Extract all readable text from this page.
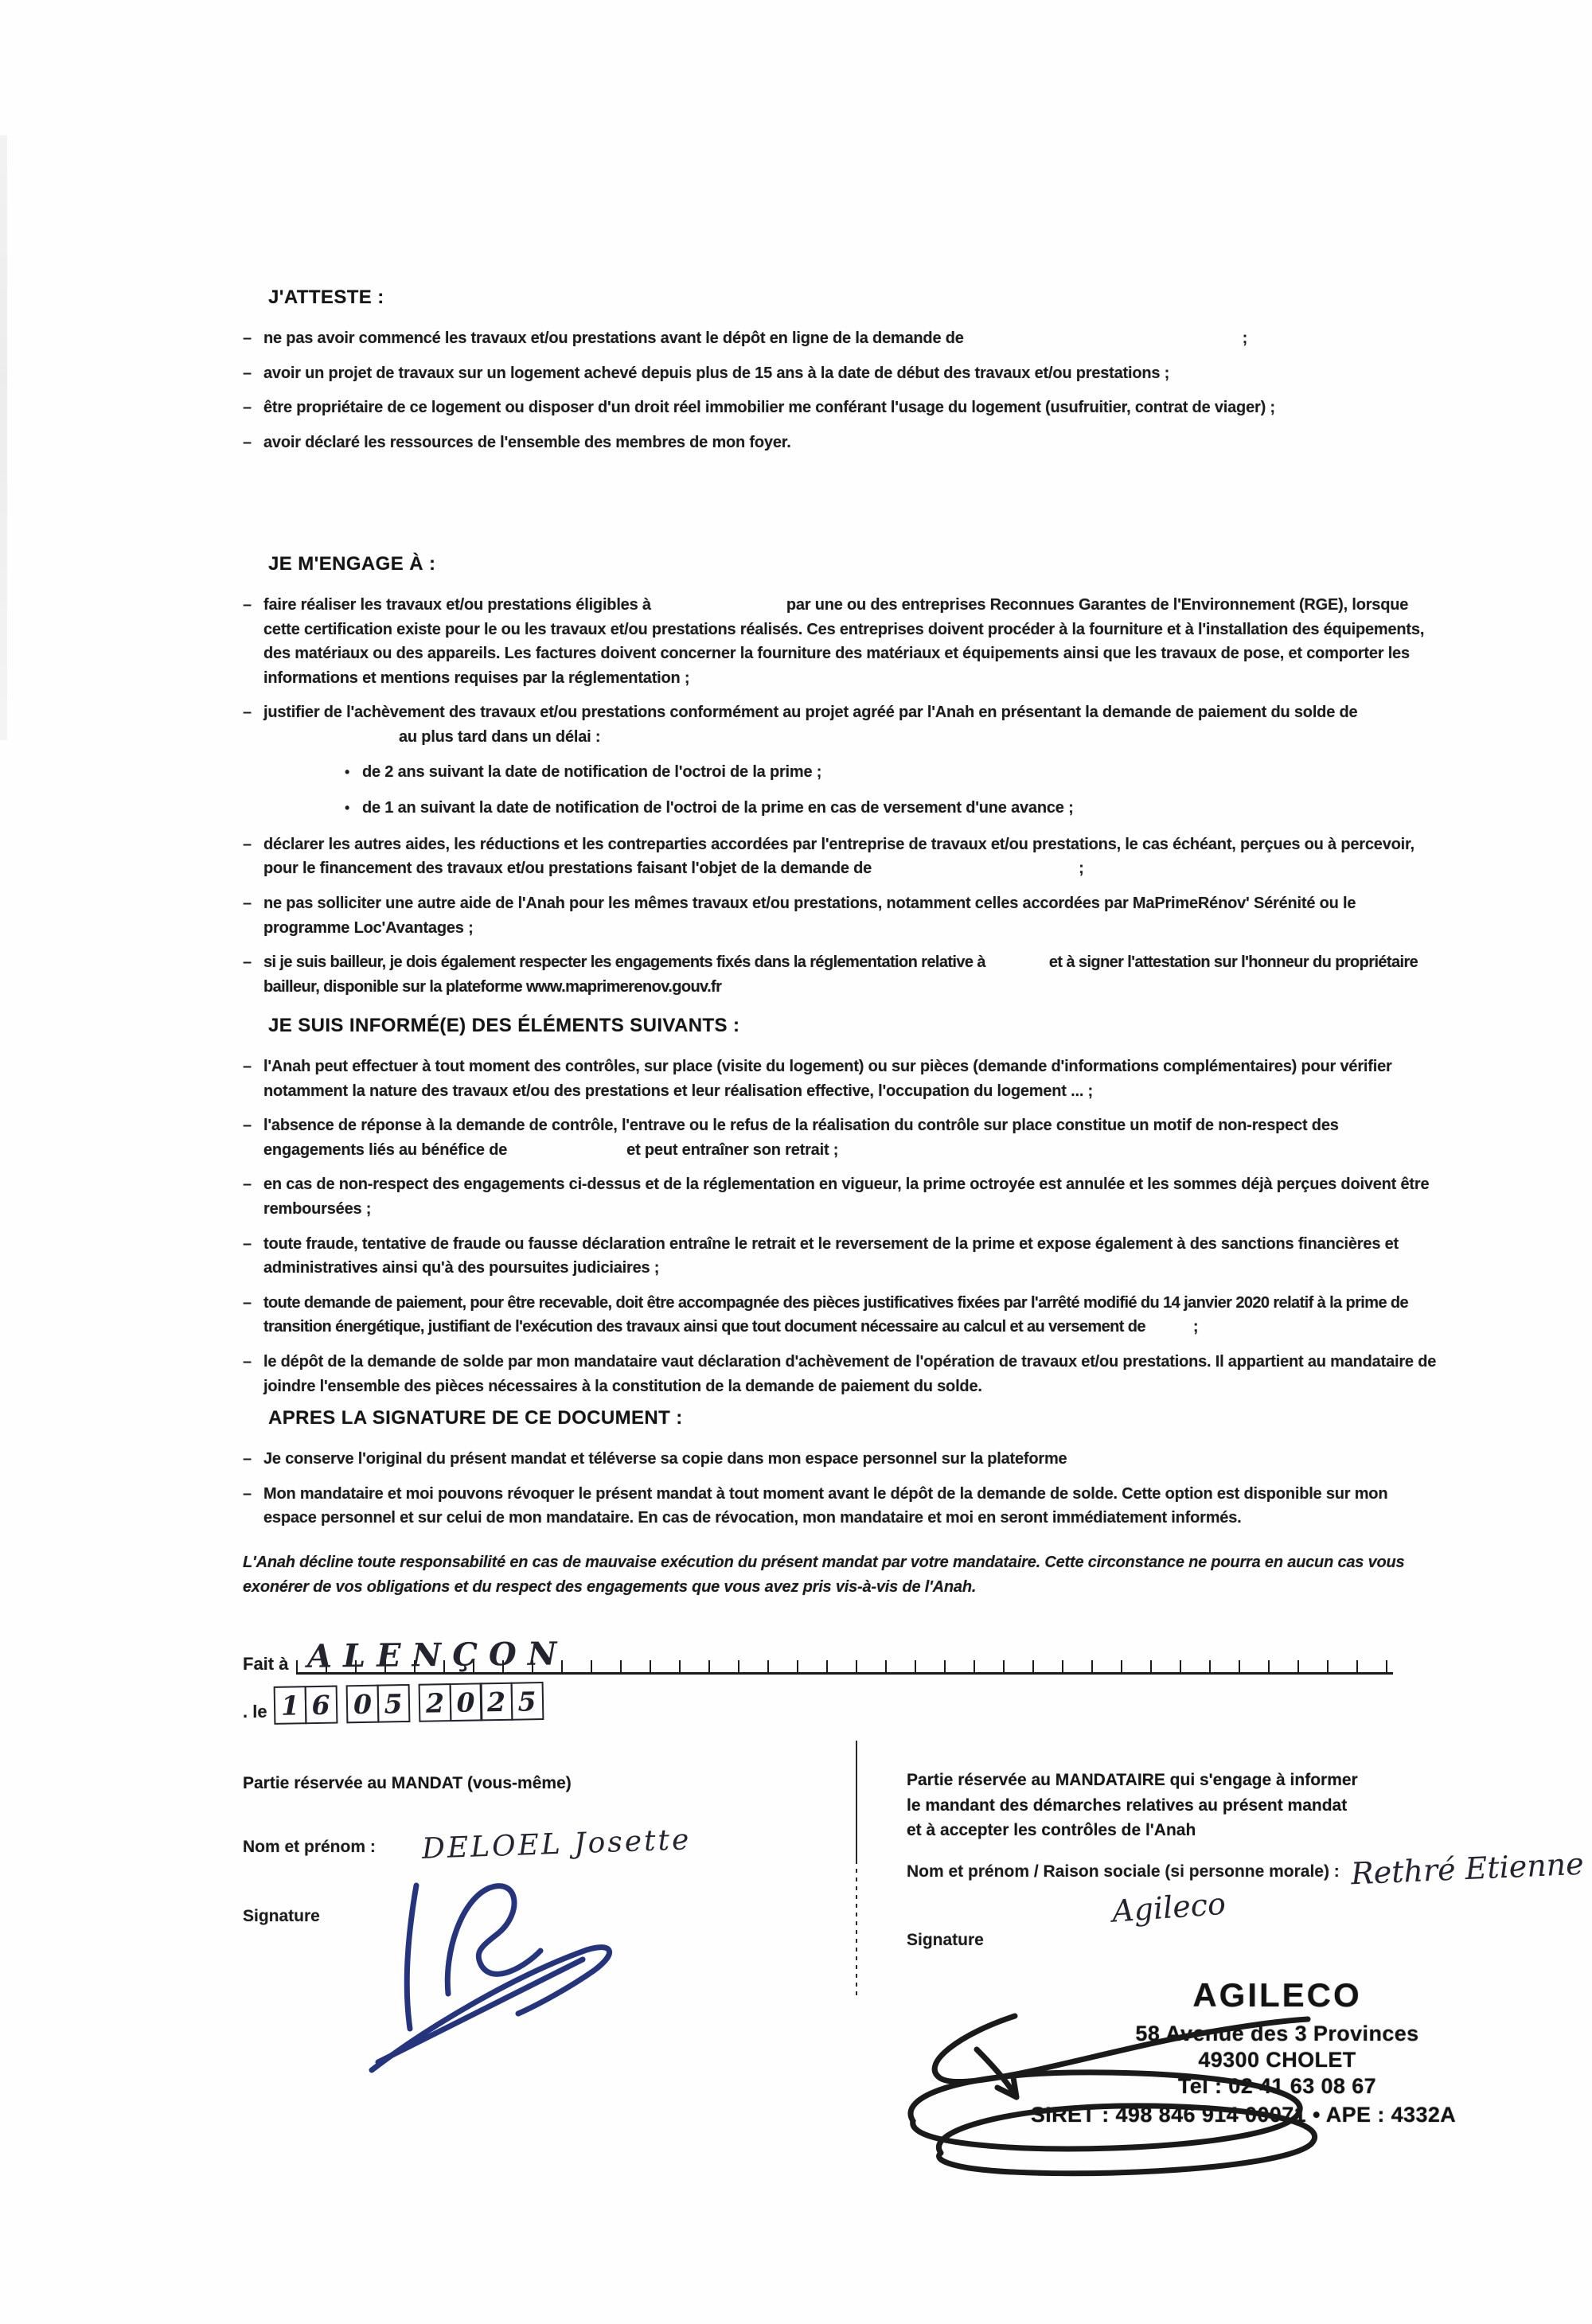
J'ATTESTE :
– ne pas avoir commencé les travaux et/ou prestations avant le dépôt en ligne de la demande de	;

– avoir un projet de travaux sur un logement achevé depuis plus de 15 ans à la date de début des travaux et/ou prestations ;

– être propriétaire de ce logement ou disposer d'un droit réel immobilier me conférant l'usage du logement (usufruitier, contrat de viager) ;

– avoir déclaré les ressources de l'ensemble des membres de mon foyer.

JE M'ENGAGE À :
– faire réaliser les travaux et/ou prestations éligibles à	par une ou des entreprises Reconnues Garantes de l'Environnement (RGE), lorsque cette certification existe pour le ou les travaux et/ou prestations réalisés. Ces entreprises doivent procéder à la fourniture et à l'installation des équipements, des matériaux ou des appareils. Les factures doivent concerner la fourniture des matériaux et équipements ainsi que les travaux de pose, et comporter les informations et mentions requises par la réglementation ;

– justifier de l'achèvement des travaux et/ou prestations conformément au projet agréé par l'Anah en présentant la demande de paiement du solde deau plus tard dans un délai :

• de 2 ans suivant la date de notification de l'octroi de la prime ;

• de 1 an suivant la date de notification de l'octroi de la prime en cas de versement d'une avance ;

– déclarer les autres aides, les réductions et les contreparties accordées par l'entreprise de travaux et/ou prestations, le cas échéant, perçues ou à percevoir, pour le financement des travaux et/ou prestations faisant l'objet de la demande de	;

– ne pas solliciter une autre aide de l'Anah pour les mêmes travaux et/ou prestations, notamment celles accordées par MaPrimeRénov' Sérénité ou le programme Loc'Avantages ;

– si je suis bailleur, je dois également respecter les engagements fixés dans la réglementation relative à	et à signer l'attestation sur l'honneur du propriétaire bailleur, disponible sur la plateforme www.maprimerenov.gouv.fr

JE SUIS INFORMÉ(E) DES ÉLÉMENTS SUIVANTS :
– l'Anah peut effectuer à tout moment des contrôles, sur place (visite du logement) ou sur pièces (demande d'informations complémentaires) pour vérifier notamment la nature des travaux et/ou des prestations et leur réalisation effective, l'occupation du logement ... ;

– l'absence de réponse à la demande de contrôle, l'entrave ou le refus de la réalisation du contrôle sur place constitue un motif de non-respect des engagements liés au bénéfice de	et peut entraîner son retrait ;

– en cas de non-respect des engagements ci-dessus et de la réglementation en vigueur, la prime octroyée est annulée et les sommes déjà perçues doivent être remboursées ;

– toute fraude, tentative de fraude ou fausse déclaration entraîne le retrait et le reversement de la prime et expose également à des sanctions financières et administratives ainsi qu'à des poursuites judiciaires ;

– toute demande de paiement, pour être recevable, doit être accompagnée des pièces justificatives fixées par l'arrêté modifié du 14 janvier 2020 relatif à la prime de transition énergétique, justifiant de l'exécution des travaux ainsi que tout document nécessaire au calcul et au versement de	;

– le dépôt de la demande de solde par mon mandataire vaut déclaration d'achèvement de l'opération de travaux et/ou prestations. Il appartient au mandataire de joindre l'ensemble des pièces nécessaires à la constitution de la demande de paiement du solde.

APRES LA SIGNATURE DE CE DOCUMENT :
– Je conserve l'original du présent mandat et téléverse sa copie dans mon espace personnel sur la plateforme

– Mon mandataire et moi pouvons révoquer le présent mandat à tout moment avant le dépôt de la demande de solde. Cette option est disponible sur mon espace personnel et sur celui de mon mandataire. En cas de révocation, mon mandataire et moi en seront immédiatement informés.

L'Anah décline toute responsabilité en cas de mauvaise exécution du présent mandat par votre mandataire. Cette circonstance ne pourra en aucun cas vous exonérer de vos obligations et du respect des engagements que vous avez pris vis-à-vis de l'Anah.

Fait à ALENÇON
. le 1 6 0 5 2 0 2 5

Partie réservée au MANDAT (vous-même)

Nom et prénom : DELOEL Josette
Signature

Partie réservée au MANDATAIRE qui s'engage à informer le mandant des démarches relatives au présent mandat et à accepter les contrôles de l'Anah

Nom et prénom / Raison sociale (si personne morale) : Rethré Etienne
Agileco
Signature
AGILECO
58 Avenue des 3 Provinces
49300 CHOLET
Tel : 02 41 63 08 67
SIRET : 498 846 914 00071 • APE : 4332A
